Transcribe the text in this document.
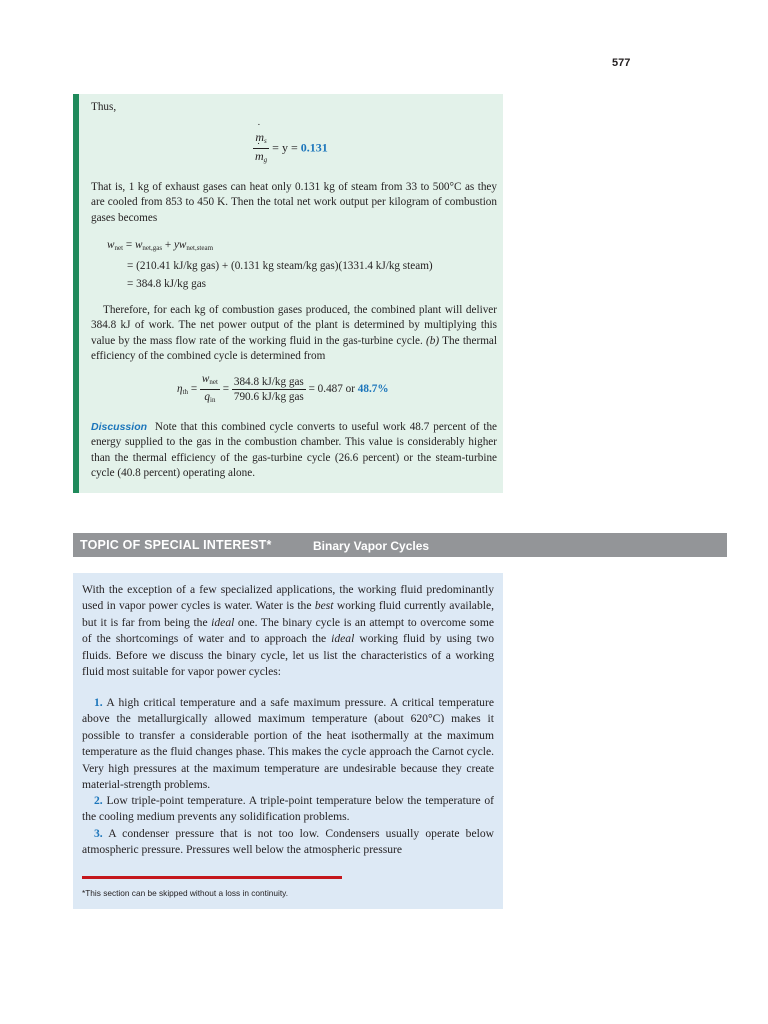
577
Thus,
˙ $m_s$
˙ $m_g = y = 0.131$

That is, 1 kg of exhaust gases can heat only 0.131 kg of steam from 33 to 500°C as they are cooled from 853 to 450 K. Then the total net work output per kilogram of combustion gases becomes

$w_{net} = w_{net,gas} + yw_{net,steam}$
= (210.41 kJ/kg gas) + (0.131 kg steam/kg gas)(1331.4 kJ/kg steam)
= 384.8 kJ/kg gas

Therefore, for each kg of combustion gases produced, the combined plant will deliver 384.8 kJ of work. The net power output of the plant is determined by multiplying this value by the mass flow rate of the working fluid in the gas-turbine cycle. (b) The thermal efficiency of the combined cycle is determined from

$\eta_{th} = \frac{w_{net}}{q_{in}} = \frac{\text{384.8 kJ/kg gas}}{\text{790.6 kJ/kg gas}} = 0.487$ or 48.7%

Discussion Note that this combined cycle converts to useful work 48.7 percent of the energy supplied to the gas in the combustion chamber. This value is considerably higher than the thermal efficiency of the gas-turbine cycle (26.6 percent) or the steam-turbine cycle (40.8 percent) operating alone.

TOPIC OF SPECIAL INTEREST*	Binary Vapor Cycles

With the exception of a few specialized applications, the working fluid predominantly used in vapor power cycles is water. Water is the best working fluid currently available, but it is far from being the ideal one. The binary cycle is an attempt to overcome some of the shortcomings of water and to approach the ideal working fluid by using two fluids. Before we discuss the binary cycle, let us list the characteristics of a working fluid most suitable for vapor power cycles:

1. A high critical temperature and a safe maximum pressure. A critical temperature above the metallurgically allowed maximum temperature (about 620°C) makes it possible to transfer a considerable portion of the heat isothermally at the maximum temperature as the fluid changes phase. This makes the cycle approach the Carnot cycle. Very high pressures at the maximum temperature are undesirable because they create material-strength problems.

2. Low triple-point temperature. A triple-point temperature below the temperature of the cooling medium prevents any solidification problems.

3. A condenser pressure that is not too low. Condensers usually operate below atmospheric pressure. Pressures well below the atmospheric pressure

*This section can be skipped without a loss in continuity.
